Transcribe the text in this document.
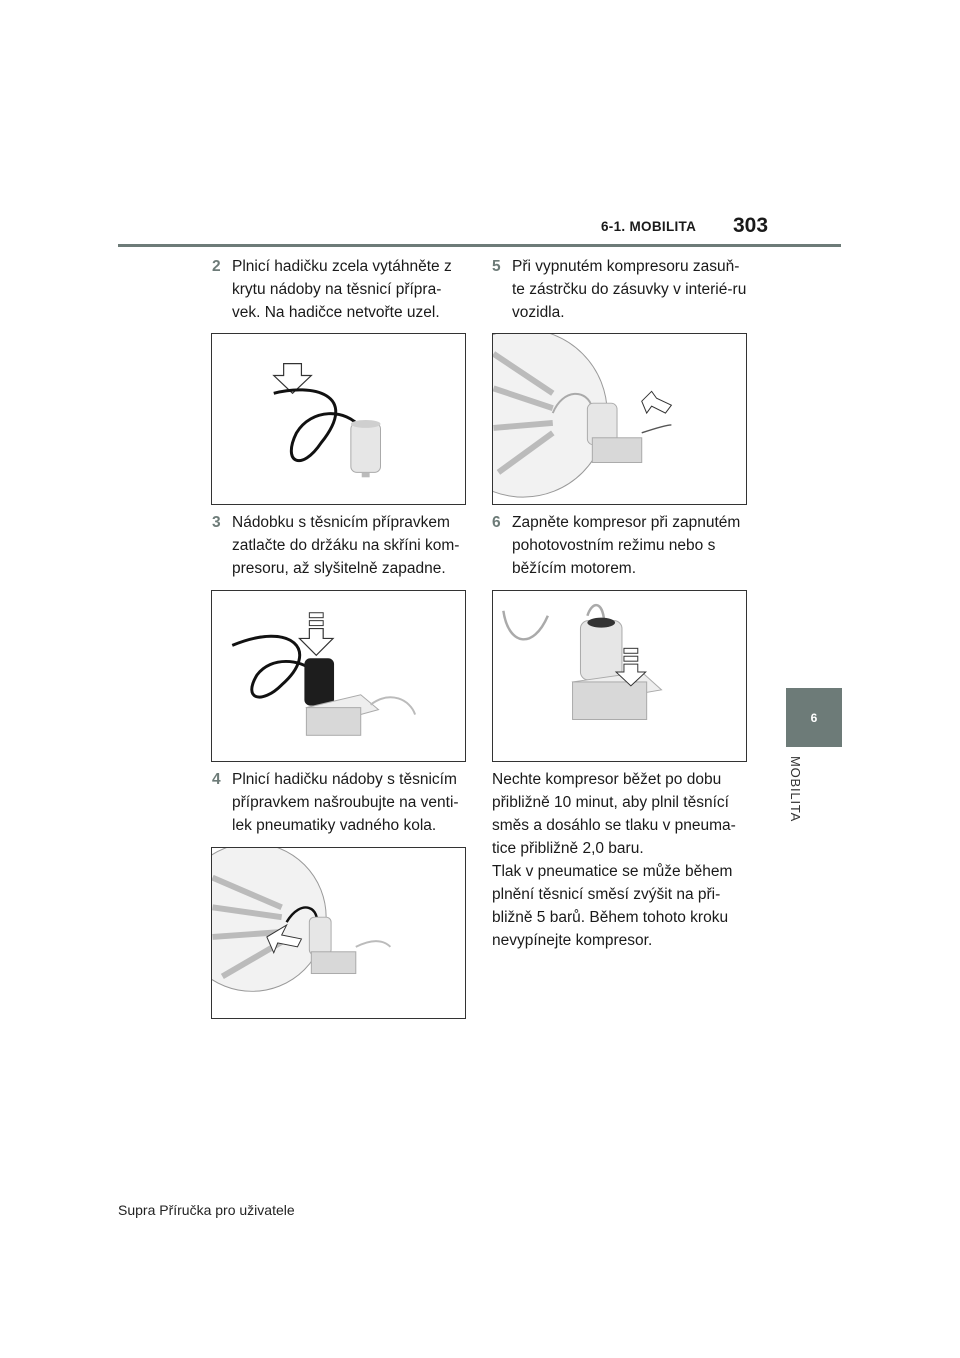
6-1. MOBILITA 303
6
MOBILITA
2 Plnicí hadičku zcela vytáhněte z krytu nádoby na těsnicí přípra-vek. Na hadičce netvořte uzel.
3 Nádobku s těsnicím přípravkem zatlačte do držáku na skříni kom-presoru, až slyšitelně zapadne.
4 Plnicí hadičku nádoby s těsnicím přípravkem našroubujte na venti-lek pneumatiky vadného kola.
5 Při vypnutém kompresoru zasuň-te zástrčku do zásuvky v interié-ru vozidla.
6 Zapněte kompresor při zapnutém pohotovostním režimu nebo s běžícím motorem.
Nechte kompresor běžet po dobu přibližně 10 minut, aby plnil těsnící směs a dosáhlo se tlaku v pneuma-tice přibližně 2,0 baru.
Tlak v pneumatice se může během plnění těsnicí směsí zvýšit na při-bližně 5 barů. Během tohoto kroku nevypínejte kompresor.
Supra Příručka pro uživatele
